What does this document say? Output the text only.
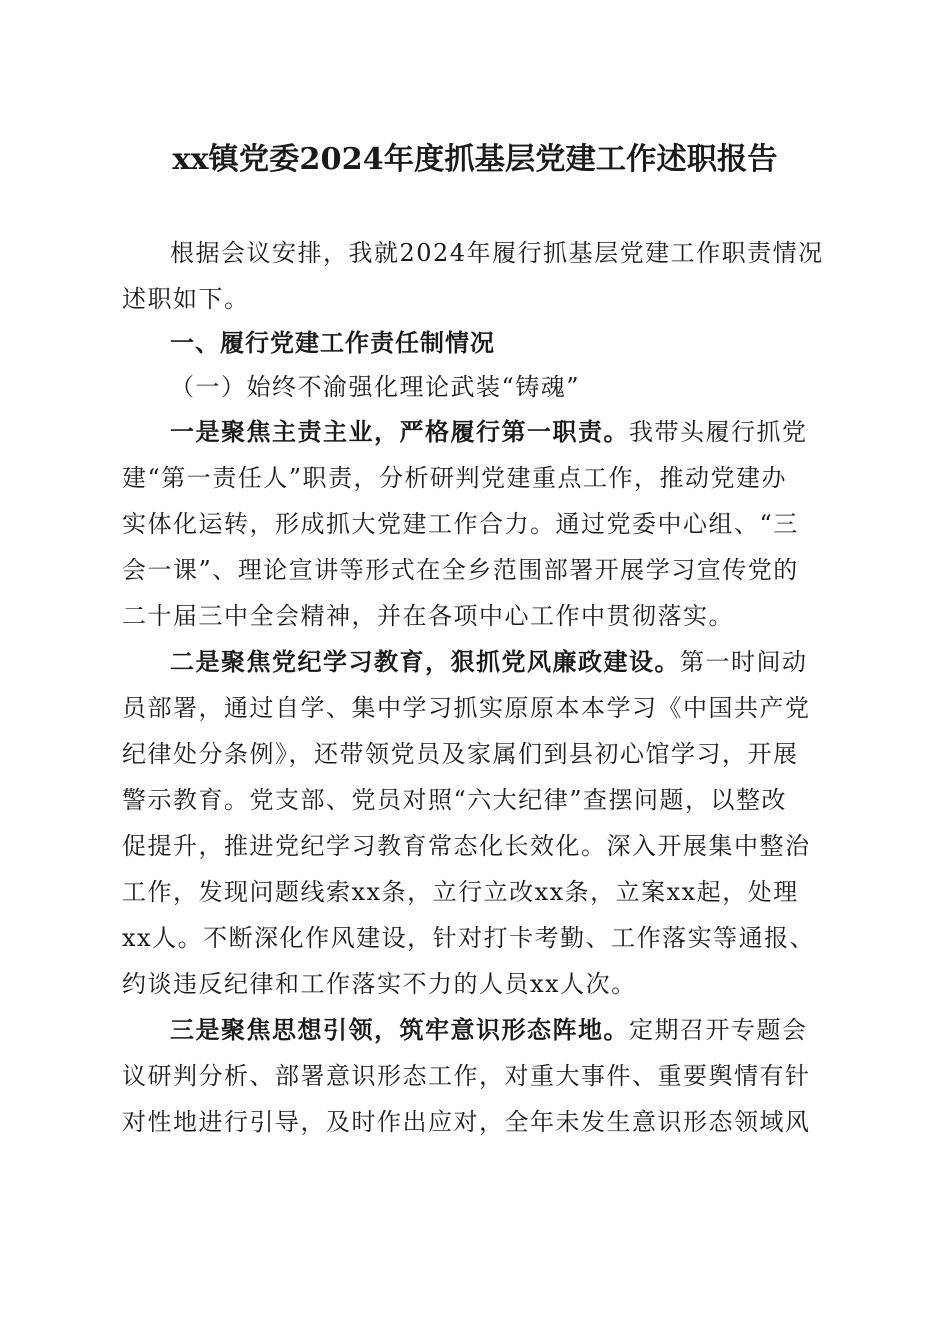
xx镇党委2024年度抓基层党建工作述职报告
根据会议安排，我就2024年履行抓基层党建工作职责情况
述职如下。
一、履行党建工作责任制情况
（一）始终不渝强化理论武装“铸魂”
一是聚焦主责主业，严格履行第一职责。我带头履行抓党
建“第一责任人”职责，分析研判党建重点工作，推动党建办
实体化运转，形成抓大党建工作合力。通过党委中心组、“三
会一课”、理论宣讲等形式在全乡范围部署开展学习宣传党的
二十届三中全会精神，并在各项中心工作中贯彻落实。
二是聚焦党纪学习教育，狠抓党风廉政建设。第一时间动
员部署，通过自学、集中学习抓实原原本本学习《中国共产党
纪律处分条例》，还带领党员及家属们到县初心馆学习，开展
警示教育。党支部、党员对照“六大纪律”查摆问题，以整改
促提升，推进党纪学习教育常态化长效化。深入开展集中整治
工作，发现问题线索xx条，立行立改xx条，立案xx起，处理
xx人。不断深化作风建设，针对打卡考勤、工作落实等通报、
约谈违反纪律和工作落实不力的人员xx人次。
三是聚焦思想引领，筑牢意识形态阵地。定期召开专题会
议研判分析、部署意识形态工作，对重大事件、重要舆情有针
对性地进行引导，及时作出应对，全年未发生意识形态领域风
